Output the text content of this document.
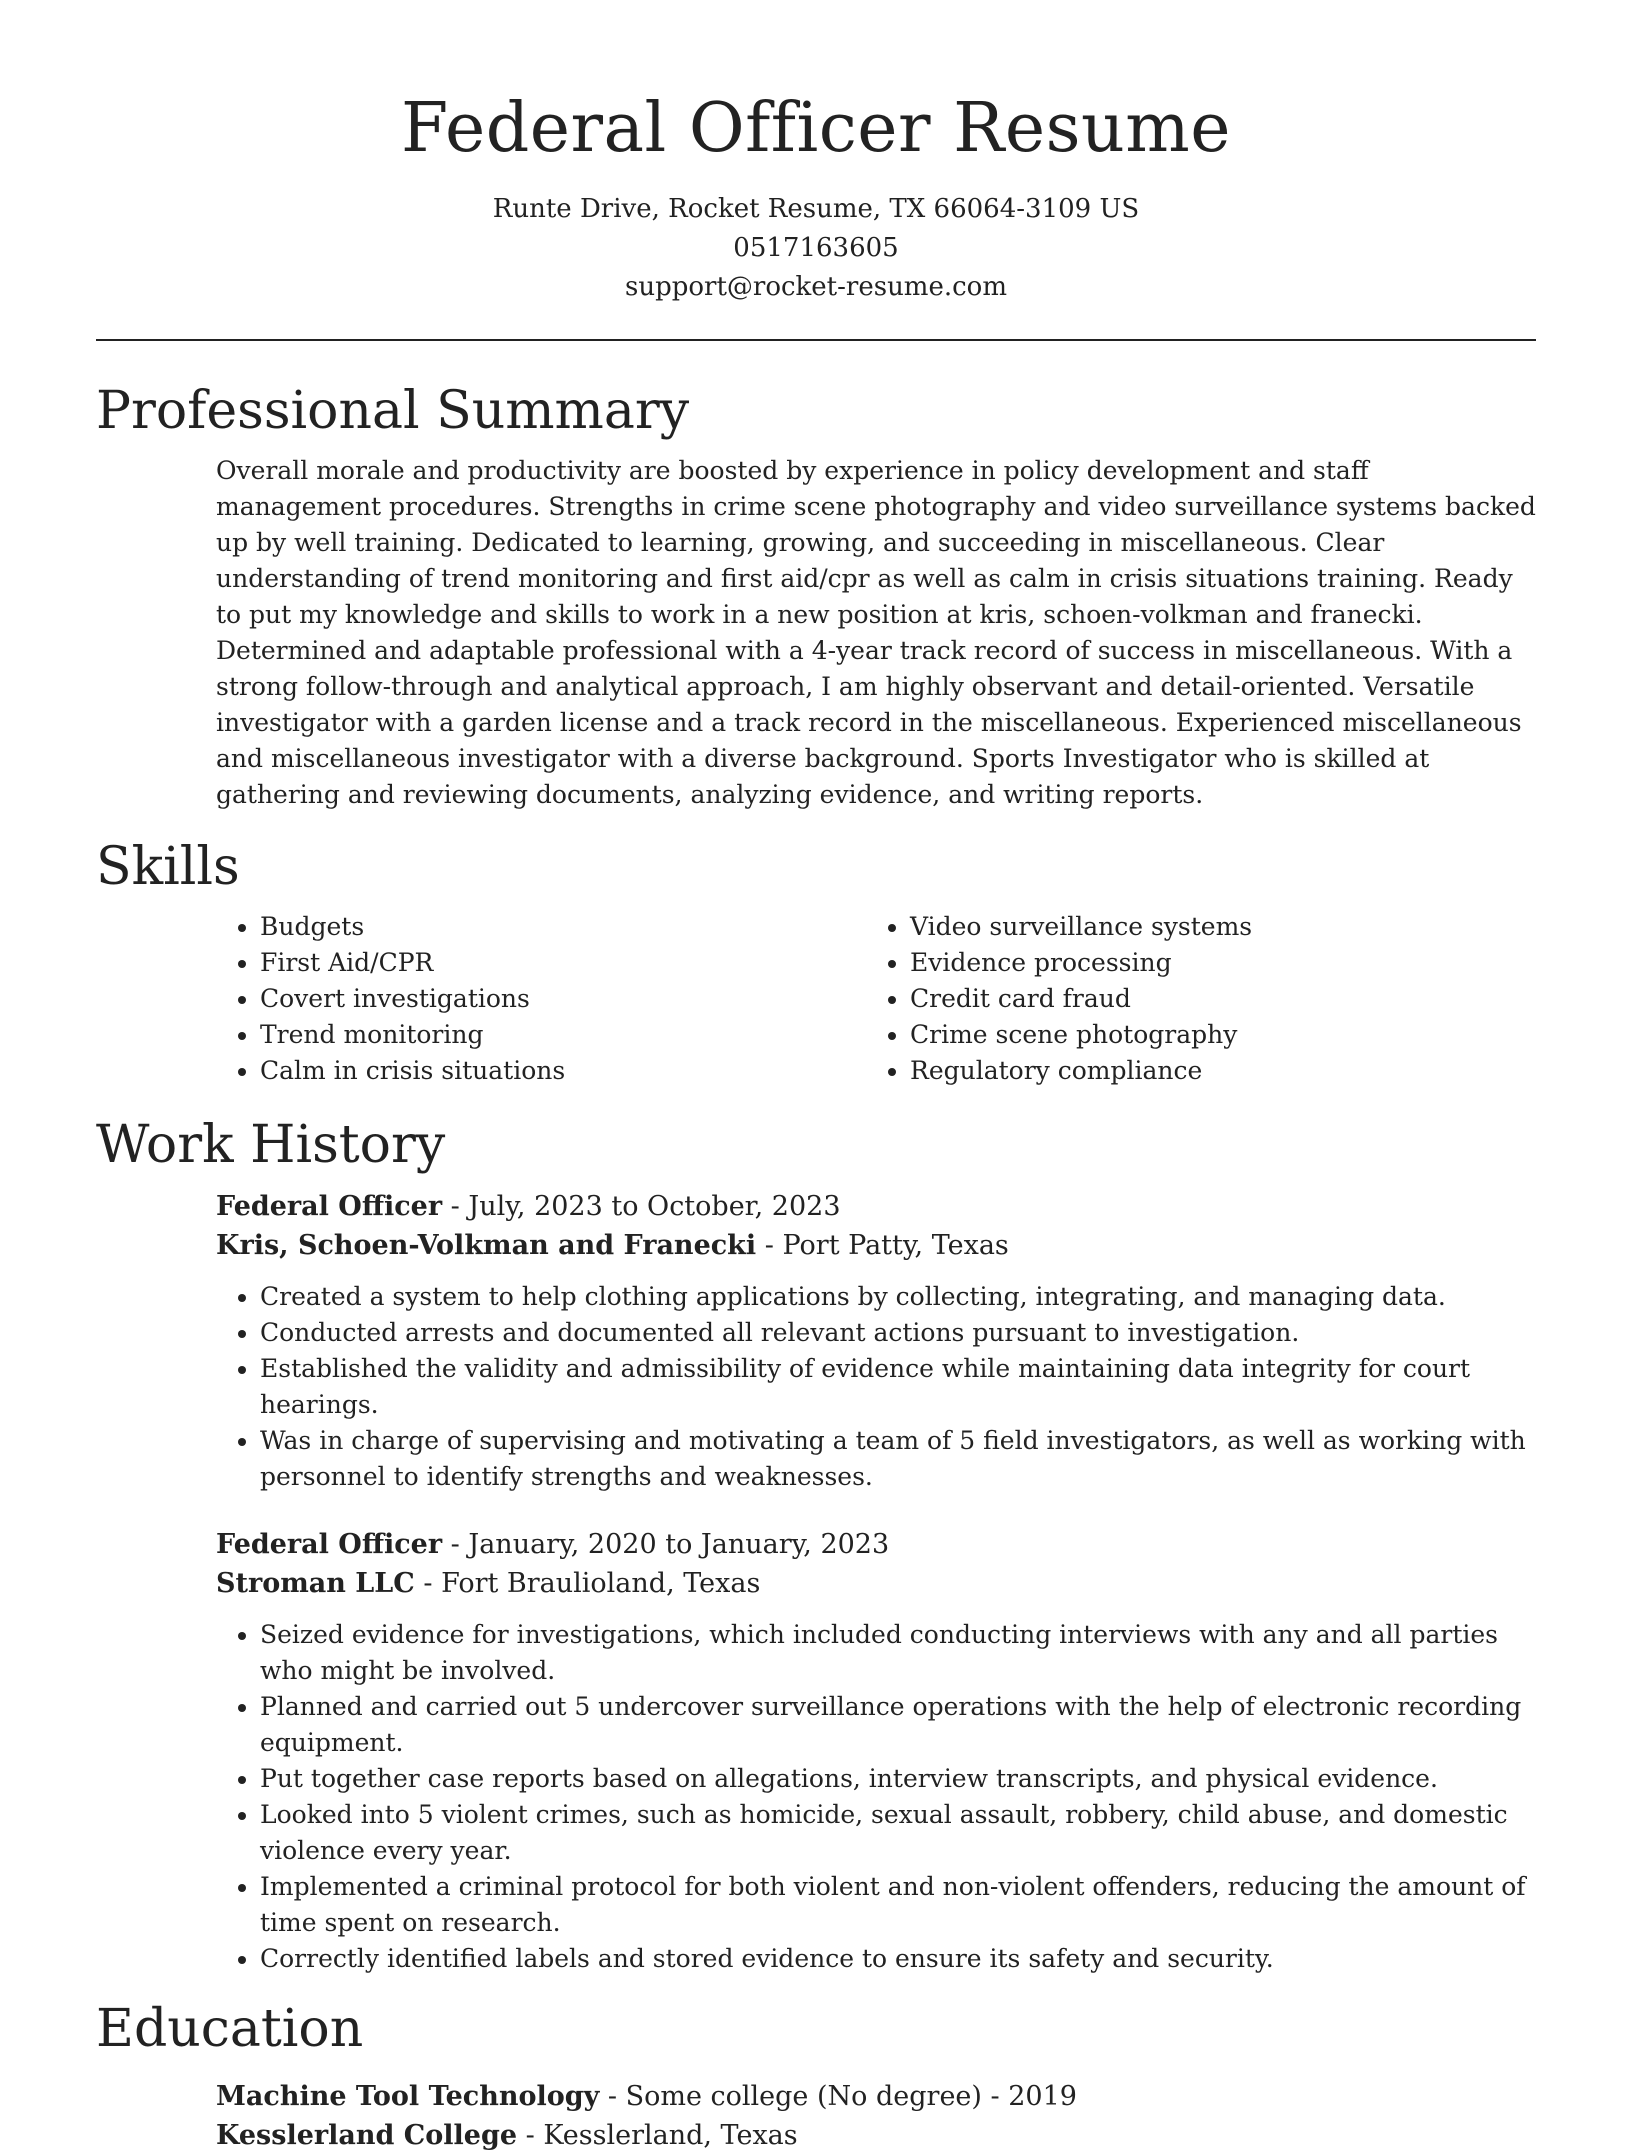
Federal Officer Resume
Runte Drive, Rocket Resume, TX 66064-3109 US
0517163605
support@rocket-resume.com
Professional Summary
Overall morale and productivity are boosted by experience in policy development and staff management procedures. Strengths in crime scene photography and video surveillance systems backed up by well training. Dedicated to learning, growing, and succeeding in miscellaneous. Clear understanding of trend monitoring and first aid/cpr as well as calm in crisis situations training. Ready to put my knowledge and skills to work in a new position at kris, schoen-volkman and franecki. Determined and adaptable professional with a 4-year track record of success in miscellaneous. With a strong follow-through and analytical approach, I am highly observant and detail-oriented. Versatile investigator with a garden license and a track record in the miscellaneous. Experienced miscellaneous and miscellaneous investigator with a diverse background. Sports Investigator who is skilled at gathering and reviewing documents, analyzing evidence, and writing reports.
Skills
• Budgets
• First Aid/CPR
• Covert investigations
• Trend monitoring
• Calm in crisis situations
• Video surveillance systems
• Evidence processing
• Credit card fraud
• Crime scene photography
• Regulatory compliance
Work History
Federal Officer - July, 2023 to October, 2023
Kris, Schoen-Volkman and Franecki - Port Patty, Texas
• Created a system to help clothing applications by collecting, integrating, and managing data.
• Conducted arrests and documented all relevant actions pursuant to investigation.
• Established the validity and admissibility of evidence while maintaining data integrity for court hearings.
• Was in charge of supervising and motivating a team of 5 field investigators, as well as working with personnel to identify strengths and weaknesses.
Federal Officer - January, 2020 to January, 2023
Stroman LLC - Fort Braulioland, Texas
• Seized evidence for investigations, which included conducting interviews with any and all parties who might be involved.
• Planned and carried out 5 undercover surveillance operations with the help of electronic recording equipment.
• Put together case reports based on allegations, interview transcripts, and physical evidence.
• Looked into 5 violent crimes, such as homicide, sexual assault, robbery, child abuse, and domestic violence every year.
• Implemented a criminal protocol for both violent and non-violent offenders, reducing the amount of time spent on research.
• Correctly identified labels and stored evidence to ensure its safety and security.
Education
Machine Tool Technology - Some college (No degree) - 2019
Kesslerland College - Kesslerland, Texas
